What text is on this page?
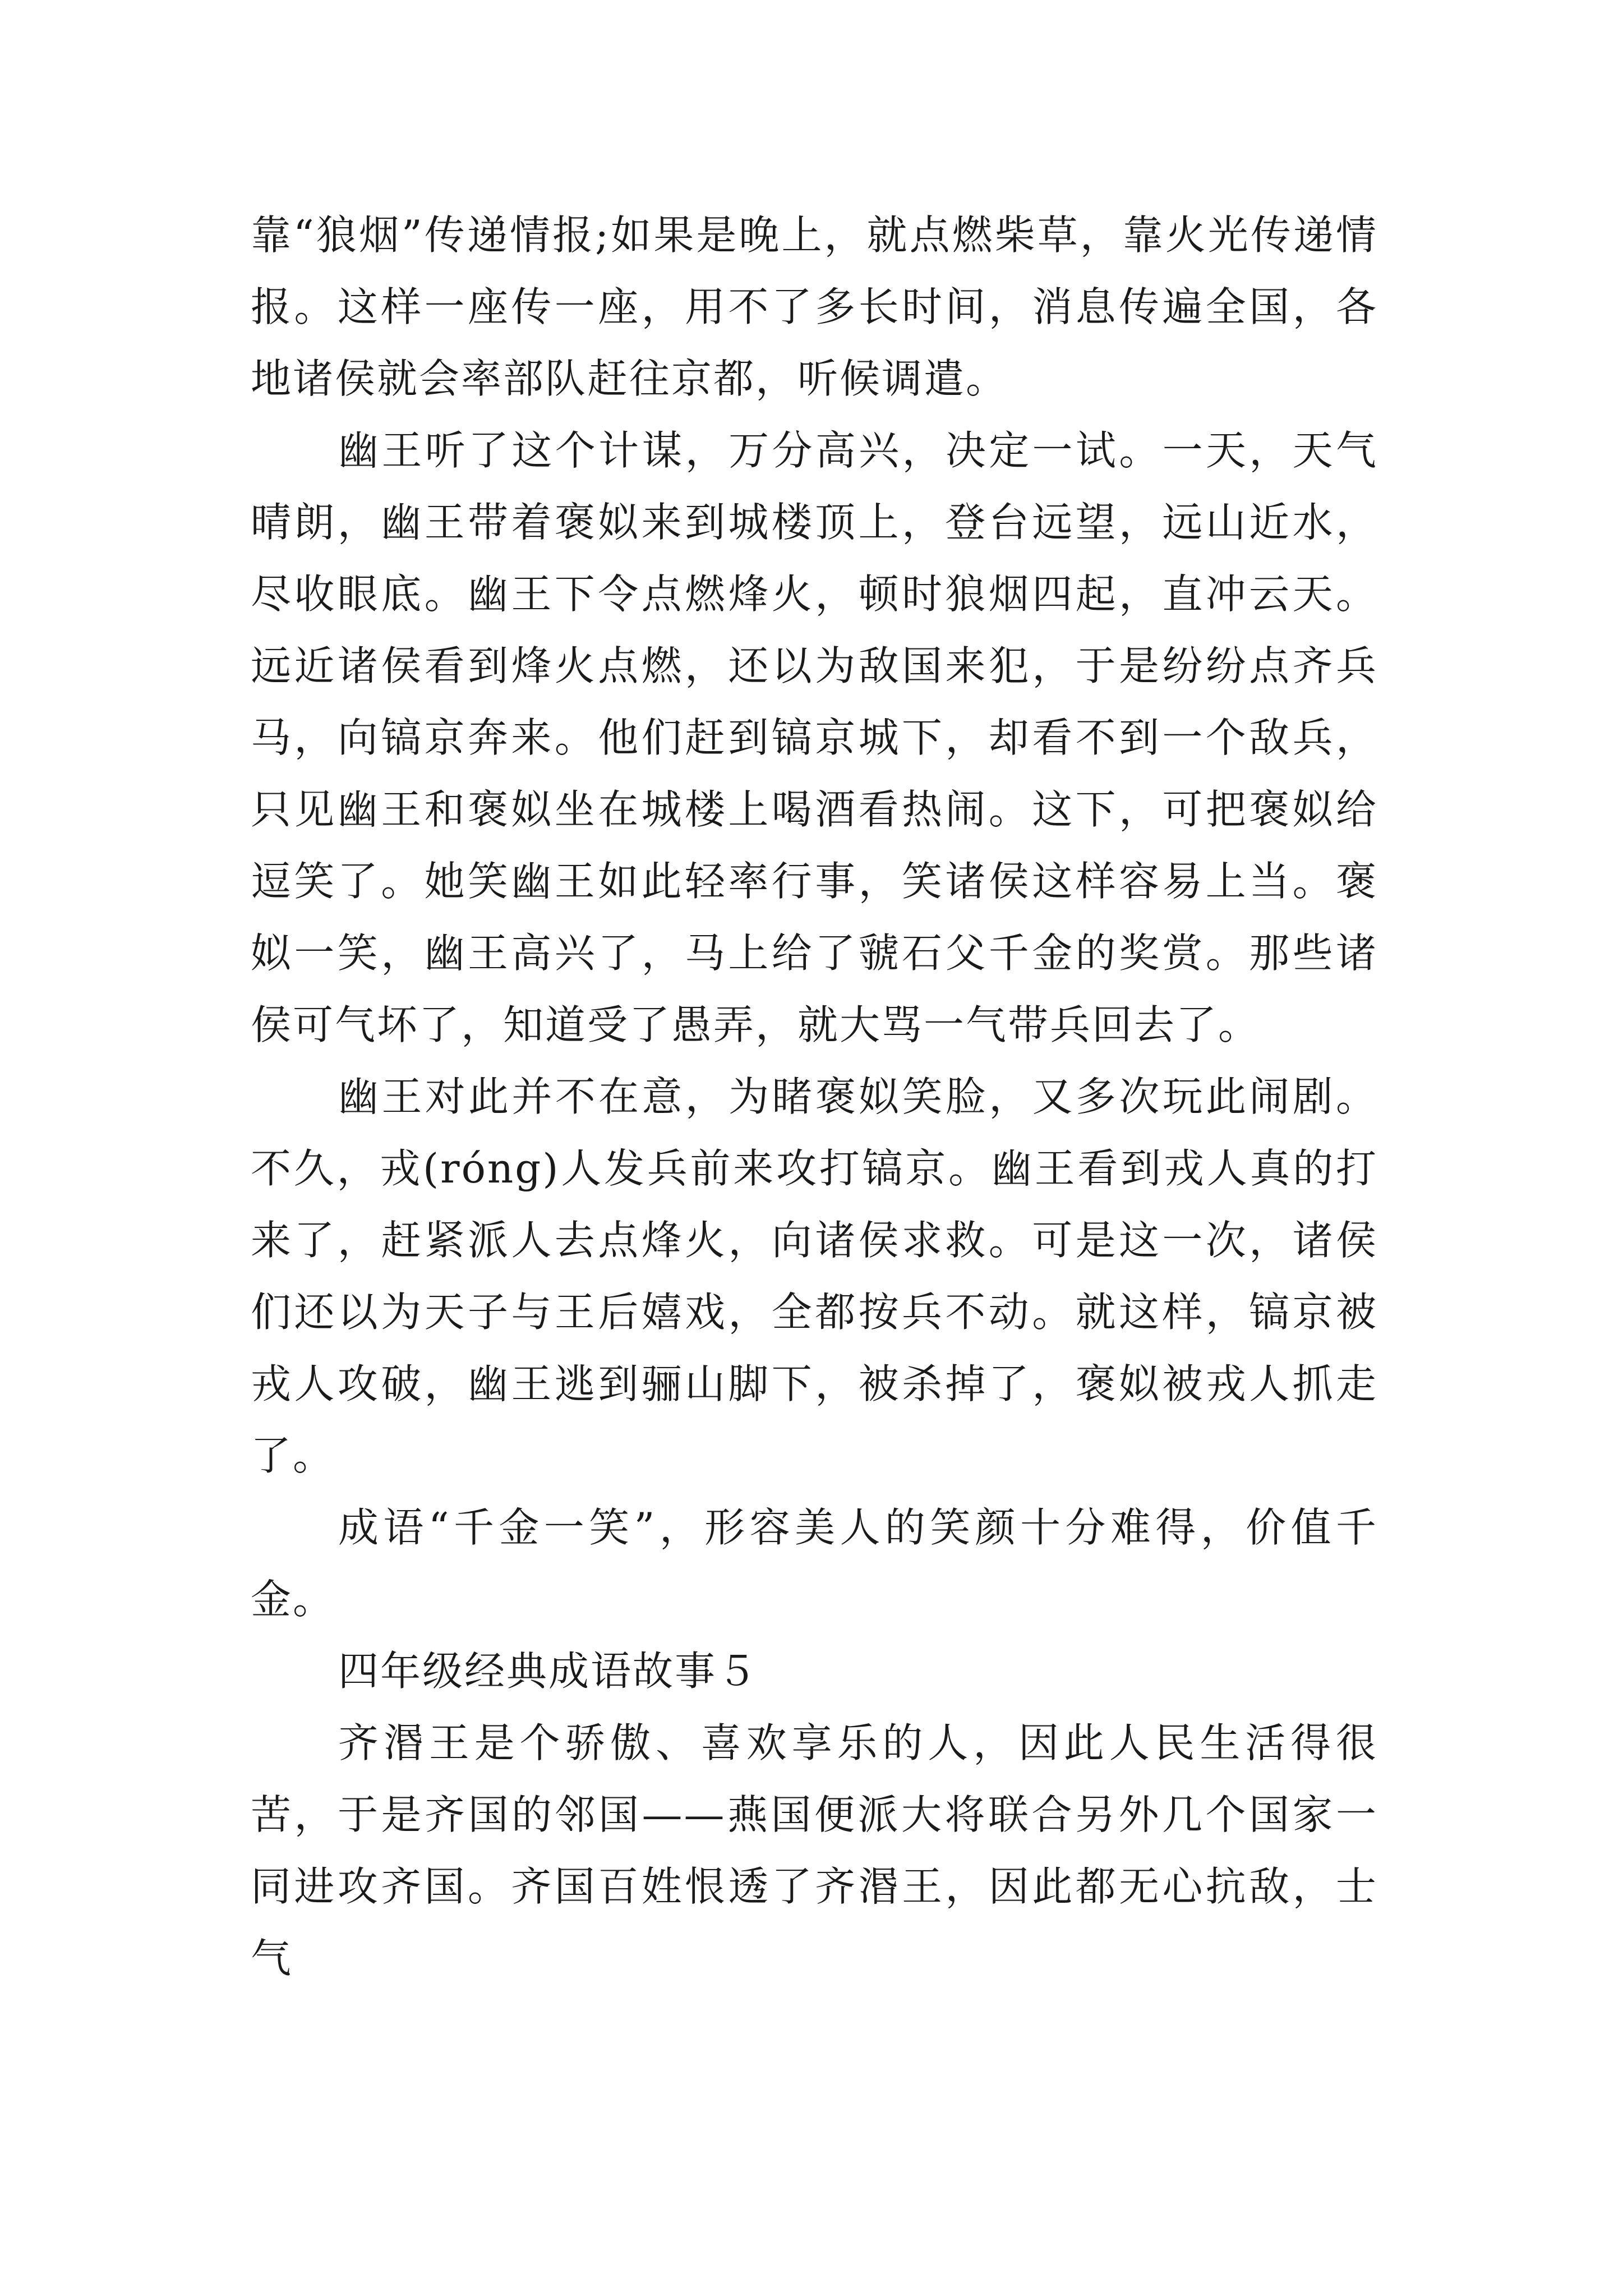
靠“狼烟”传递情报;如果是晚上，就点燃柴草，靠火光传递情报。这样一座传一座，用不了多长时间，消息传遍全国，各地诸侯就会率部队赶往京都，听候调遣。

幽王听了这个计谋，万分高兴，决定一试。一天，天气晴朗，幽王带着褒姒来到城楼顶上，登台远望，远山近水，尽收眼底。幽王下令点燃烽火，顿时狼烟四起，直冲云天。远近诸侯看到烽火点燃，还以为敌国来犯，于是纷纷点齐兵马，向镐京奔来。他们赶到镐京城下，却看不到一个敌兵，只见幽王和褒姒坐在城楼上喝酒看热闹。这下，可把褒姒给逗笑了。她笑幽王如此轻率行事，笑诸侯这样容易上当。褒姒一笑，幽王高兴了，马上给了虢石父千金的奖赏。那些诸侯可气坏了，知道受了愚弄，就大骂一气带兵回去了。

幽王对此并不在意，为睹褒姒笑脸，又多次玩此闹剧。不久，戎(róng)人发兵前来攻打镐京。幽王看到戎人真的打来了，赶紧派人去点烽火，向诸侯求救。可是这一次，诸侯们还以为天子与王后嬉戏，全都按兵不动。就这样，镐京被戎人攻破，幽王逃到骊山脚下，被杀掉了，褒姒被戎人抓走了。

成语“千金一笑”，形容美人的笑颜十分难得，价值千金。

四年级经典成语故事５

齐湣王是个骄傲、喜欢享乐的人，因此人民生活得很苦，于是齐国的邻国——燕国便派大将联合另外几个国家一同进攻齐国。齐国百姓恨透了齐湣王，因此都无心抗敌，士气
